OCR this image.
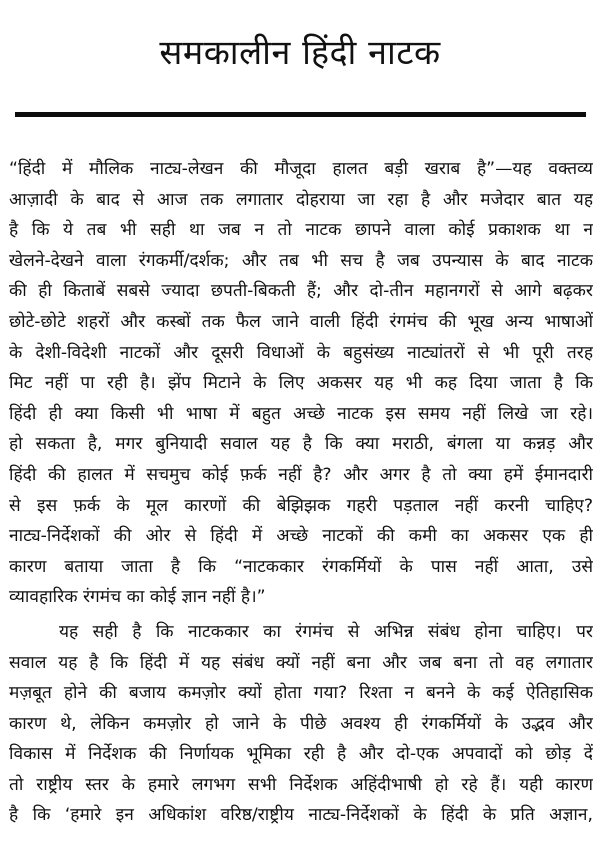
समकालीन हिंदी नाटक
“हिंदी में मौलिक नाट्य-लेखन की मौजूदा हालत बड़ी खराब है”—यह वक्तव्य
आज़ादी के बाद से आज तक लगातार दोहराया जा रहा है और मजेदार बात यह
है कि ये तब भी सही था जब न तो नाटक छापने वाला कोई प्रकाशक था न
खेलने-देखने वाला रंगकर्मी/दर्शक; और तब भी सच है जब उपन्यास के बाद नाटक
की ही किताबें सबसे ज्यादा छपती-बिकती हैं; और दो-तीन महानगरों से आगे बढ़कर
छोटे-छोटे शहरों और कस्बों तक फैल जाने वाली हिंदी रंगमंच की भूख अन्य भाषाओं
के देशी-विदेशी नाटकों और दूसरी विधाओं के बहुसंख्य नाट्यांतरों से भी पूरी तरह
मिट नहीं पा रही है। झेंप मिटाने के लिए अकसर यह भी कह दिया जाता है कि
हिंदी ही क्या किसी भी भाषा में बहुत अच्छे नाटक इस समय नहीं लिखे जा रहे।
हो सकता है, मगर बुनियादी सवाल यह है कि क्या मराठी, बंगला या कन्नड़ और
हिंदी की हालत में सचमुच कोई फ़र्क नहीं है? और अगर है तो क्या हमें ईमानदारी
से इस फ़र्क के मूल कारणों की बेझिझक गहरी पड़ताल नहीं करनी चाहिए?
नाट्य-निर्देशकों की ओर से हिंदी में अच्छे नाटकों की कमी का अकसर एक ही
कारण बताया जाता है कि “नाटककार रंगकर्मियों के पास नहीं आता, उसे
व्यावहारिक रंगमंच का कोई ज्ञान नहीं है।”
यह सही है कि नाटककार का रंगमंच से अभिन्न संबंध होना चाहिए। पर
सवाल यह है कि हिंदी में यह संबंध क्यों नहीं बना और जब बना तो वह लगातार
मज़बूत होने की बजाय कमज़ोर क्यों होता गया? रिश्ता न बनने के कई ऐतिहासिक
कारण थे, लेकिन कमज़ोर हो जाने के पीछे अवश्य ही रंगकर्मियों के उद्भव और
विकास में निर्देशक की निर्णायक भूमिका रही है और दो-एक अपवादों को छोड़ दें
तो राष्ट्रीय स्तर के हमारे लगभग सभी निर्देशक अहिंदीभाषी हो रहे हैं। यही कारण
है कि ‘हमारे इन अधिकांश वरिष्ठ/राष्ट्रीय नाट्य-निर्देशकों के हिंदी के प्रति अज्ञान,
